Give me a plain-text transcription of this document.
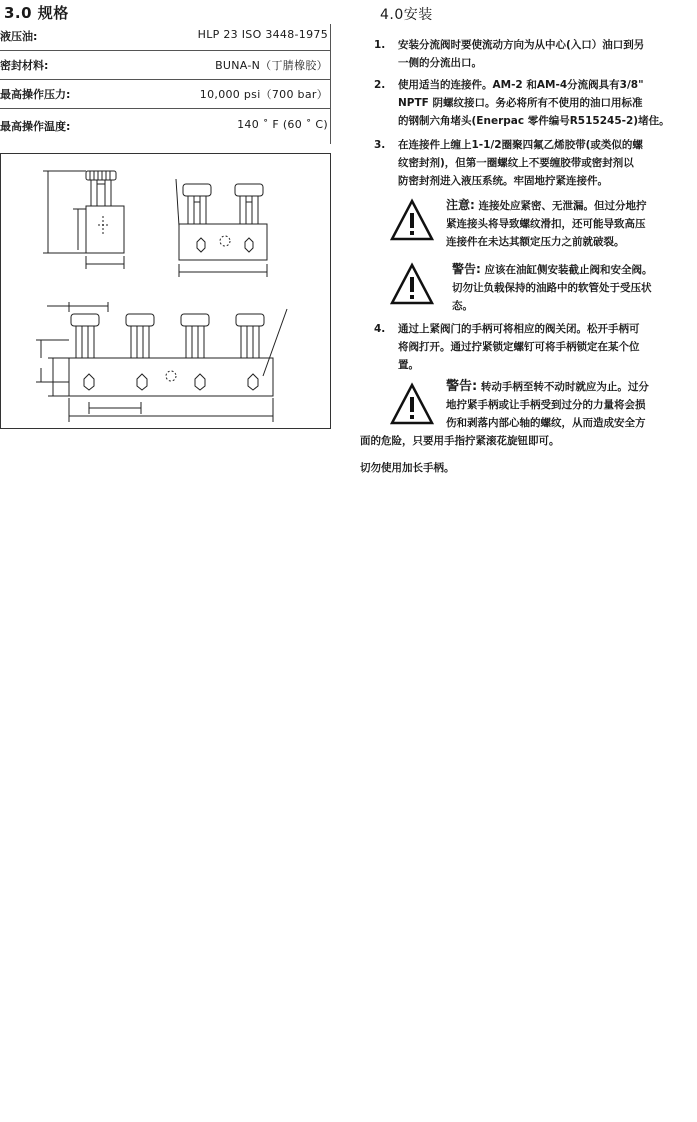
3.0 规格
液压油:	HLP 23 ISO 3448-1975
密封材料:	BUNA-N（丁腈橡胶）
最高操作压力:	10,000 psi（700 bar）
最高操作温度:	140 ˚ F (60 ˚ C)
4.0安装
1. 安装分流阀时要使流动方向为从中心(入口）油口到另
一侧的分流出口。
2. 使用适当的连接件。AM-2 和AM-4分流阀具有3/8"
NPTF 阴螺纹接口。务必将所有不使用的油口用标准
的钢制六角堵头(Enerpac 零件编号R515245-2)堵住。
3. 在连接件上缠上1-1/2圈聚四氟乙烯胶带(或类似的螺
纹密封剂)，但第一圈螺纹上不要缠胶带或密封剂以
防密封剂进入液压系统。牢固地拧紧连接件。
注意: 连接处应紧密、无泄漏。但过分地拧
紧连接头将导致螺纹滑扣，还可能导致高压
连接件在未达其额定压力之前就破裂。
警告: 应该在油缸侧安装截止阀和安全阀。
切勿让负载保持的油路中的软管处于受压状
态。
4. 通过上紧阀门的手柄可将相应的阀关闭。松开手柄可
将阀打开。通过拧紧锁定螺钉可将手柄锁定在某个位
置。
警告: 转动手柄至转不动时就应为止。过分
地拧紧手柄或让手柄受到过分的力量将会损
伤和剥落内部心轴的螺纹，从而造成安全方
面的危险，只要用手指拧紧滚花旋钮即可。
切勿使用加长手柄。
